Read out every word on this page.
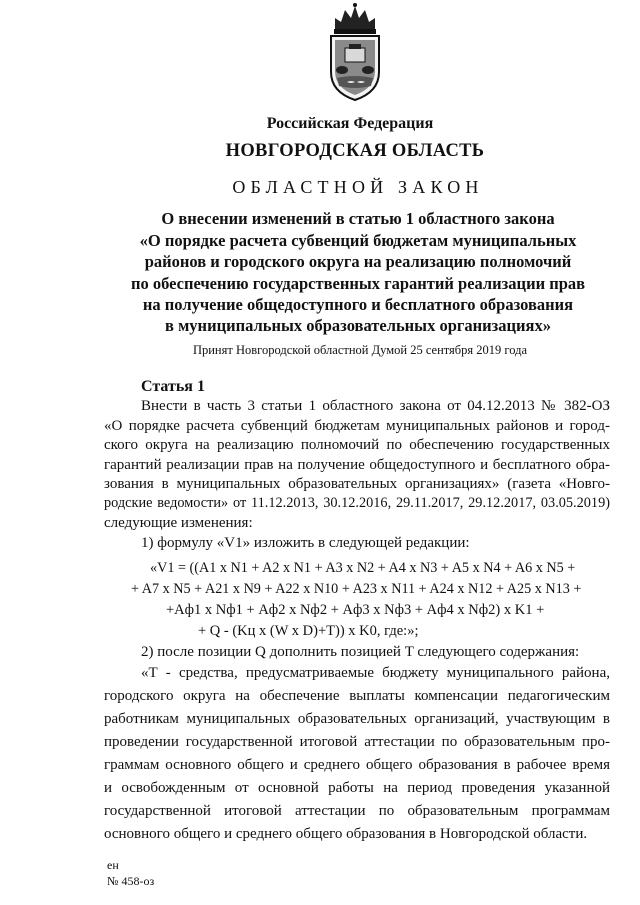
Российская Федерация
НОВГОРОДСКАЯ ОБЛАСТЬ
ОБЛАСТНОЙ ЗАКОН
О внесении изменений в статью 1 областного закона
«О порядке расчета субвенций бюджетам муниципальных
районов и городского округа на реализацию полномочий
по обеспечению государственных гарантий реализации прав
на получение общедоступного и бесплатного образования
в муниципальных образовательных организациях»
Принят Новгородской областной Думой 25 сентября 2019 года
Статья 1
Внести в часть 3 статьи 1 областного закона от 04.12.2013 № 382-ОЗ
«О порядке расчета субвенций бюджетам муниципальных районов и город-
ского округа на реализацию полномочий по обеспечению государственных
гарантий реализации прав на получение общедоступного и бесплатного обра-
зования в муниципальных образовательных организациях» (газета «Новго-
родские ведомости» от 11.12.2013, 30.12.2016, 29.11.2017, 29.12.2017, 03.05.2019)
следующие изменения:
1) формулу «V1» изложить в следующей редакции:
«V1 = ((A1 x N1 + A2 x N1 + A3 x N2 + A4 x N3 + A5 x N4 + A6 x N5 +
+ A7 x N5 + A21 x N9 + A22 x N10 + A23 x N11 + A24 x N12 + A25 x N13 +
+Aф1 x Nф1 + Aф2 x Nф2 + Aф3 x Nф3 + Aф4 x Nф2) x K1 +
+ Q - (Kц x (W x D)+T)) x K0, где:»;
2) после позиции Q дополнить позицией T следующего содержания:
«Т - средства, предусматриваемые бюджету муниципального района,
городского округа на обеспечение выплаты компенсации педагогическим
работникам муниципальных образовательных организаций, участвующим в
проведении государственной итоговой аттестации по образовательным про-
граммам основного общего и среднего общего образования в рабочее время
и освобожденным от основной работы на период проведения указанной
государственной итоговой аттестации по образовательным программам
основного общего и среднего общего образования в Новгородской области.
ен
№ 458-оз
